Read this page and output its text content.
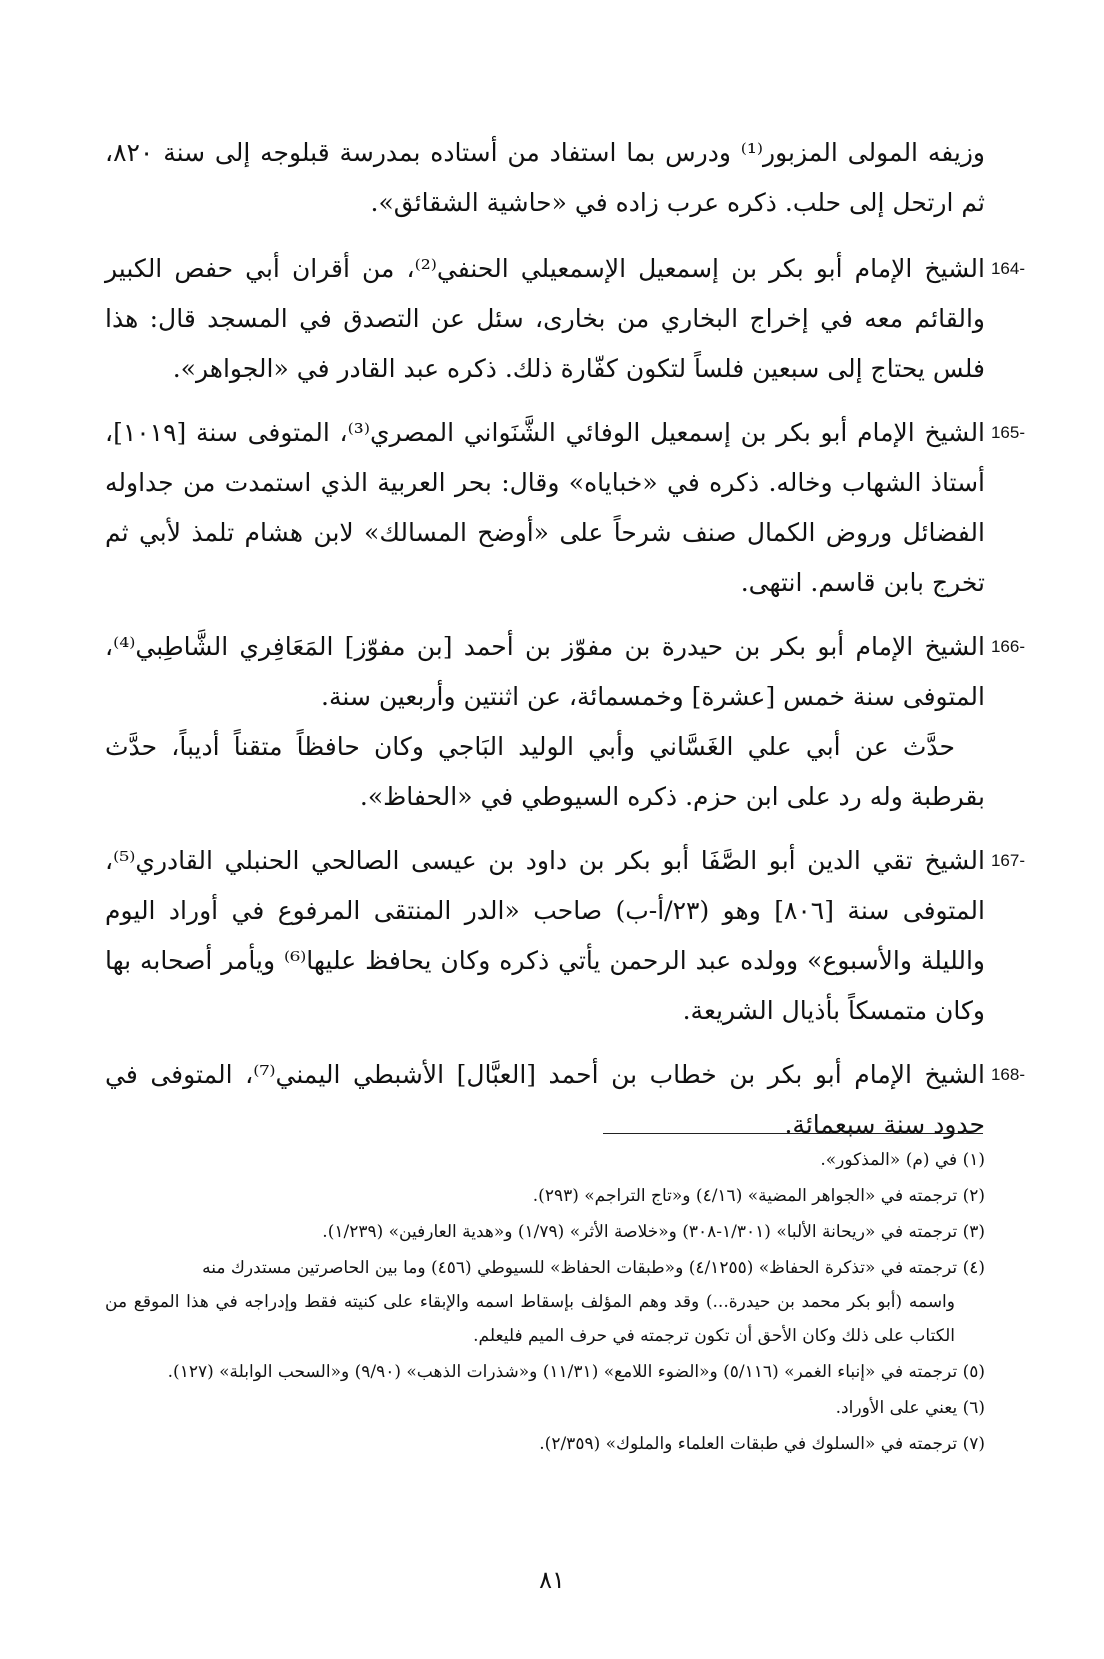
وزيفه المولى المزبور⁽¹⁾ ودرس بما استفاد من أستاده بمدرسة قبلوجه إلى سنة ٨٢٠، ثم ارتحل إلى حلب. ذكره عرب زاده في «حاشية الشقائق».

164-

الشيخ الإمام أبو بكر بن إسمعيل الإسمعيلي الحنفي⁽²⁾، من أقران أبي حفص الكبير والقائم معه في إخراج البخاري من بخارى، سئل عن التصدق في المسجد قال: هذا فلس يحتاج إلى سبعين فلساً لتكون كفّارة ذلك. ذكره عبد القادر في «الجواهر».

165-

الشيخ الإمام أبو بكر بن إسمعيل الوفائي الشَّنَواني المصري⁽³⁾، المتوفى سنة [١٠١٩]، أستاذ الشهاب وخاله. ذكره في «خباياه» وقال: بحر العربية الذي استمدت من جداوله الفضائل وروض الكمال صنف شرحاً على «أوضح المسالك» لابن هشام تلمذ لأبي ثم تخرج بابن قاسم. انتهى.

166-

الشيخ الإمام أبو بكر بن حيدرة بن مفوّز بن أحمد [بن مفوّز] المَعَافِري الشَّاطِبي⁽⁴⁾، المتوفى سنة خمس [عشرة] وخمسمائة، عن اثنتين وأربعين سنة.

حدَّث عن أبي علي الغَسَّاني وأبي الوليد البَاجي وكان حافظاً متقناً أديباً، حدَّث بقرطبة وله رد على ابن حزم. ذكره السيوطي في «الحفاظ».

167-

الشيخ تقي الدين أبو الصَّفَا أبو بكر بن داود بن عيسى الصالحي الحنبلي القادري⁽⁵⁾، المتوفى سنة [٨٠٦] وهو (٢٣/أ-ب) صاحب «الدر المنتقى المرفوع في أوراد اليوم والليلة والأسبوع» وولده عبد الرحمن يأتي ذكره وكان يحافظ عليها⁽⁶⁾ ويأمر أصحابه بها وكان متمسكاً بأذيال الشريعة.

168-

الشيخ الإمام أبو بكر بن خطاب بن أحمد [العبَّال] الأشبطي اليمني⁽⁷⁾، المتوفى في حدود سنة سبعمائة.

(١) في (م) «المذكور».

(٢) ترجمته في «الجواهر المضية» (٤/١٦) و«تاج التراجم» (٢٩٣).

(٣) ترجمته في «ريحانة الألبا» (١/٣٠١-٣٠٨) و«خلاصة الأثر» (١/٧٩) و«هدية العارفين» (١/٢٣٩).

(٤) ترجمته في «تذكرة الحفاظ» (٤/١٢٥٥) و«طبقات الحفاظ» للسيوطي (٤٥٦) وما بين الحاصرتين مستدرك منه
واسمه (أبو بكر محمد بن حيدرة...) وقد وهم المؤلف بإسقاط اسمه والإبقاء على كنيته فقط وإدراجه في هذا الموقع من الكتاب على ذلك وكان الأحق أن تكون ترجمته في حرف الميم فليعلم.

(٥) ترجمته في «إنباء الغمر» (٥/١١٦) و«الضوء اللامع» (١١/٣١) و«شذرات الذهب» (٩/٩٠) و«السحب الوابلة» (١٢٧).

(٦) يعني على الأوراد.

(٧) ترجمته في «السلوك في طبقات العلماء والملوك» (٢/٣٥٩).

٨١
